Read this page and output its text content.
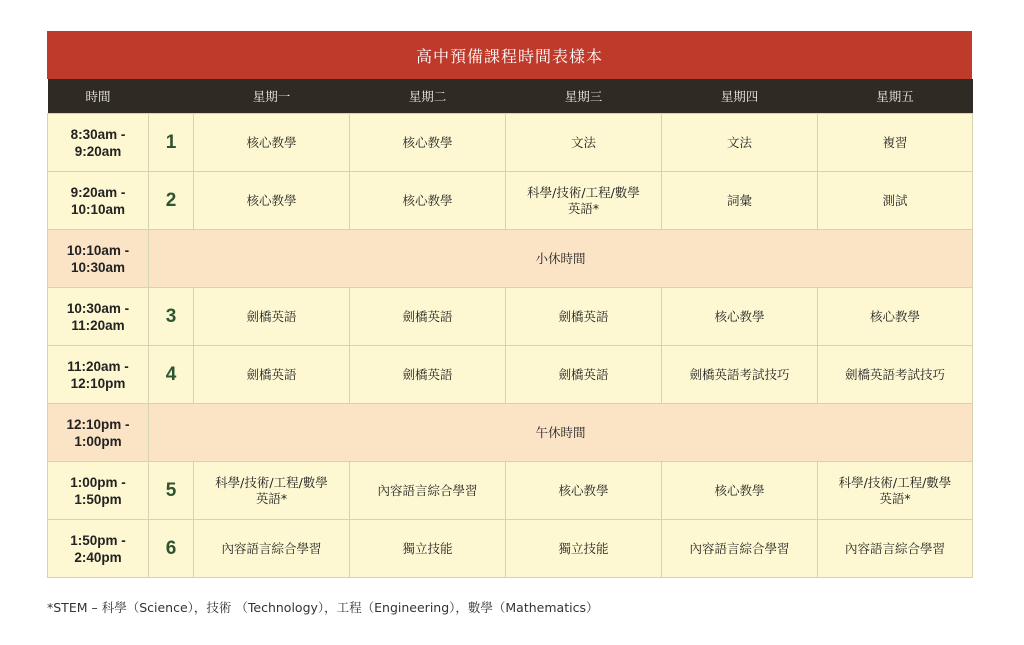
高中預備課程時間表樣本
時間		星期一	星期二	星期三	星期四	星期五

8:30am -
9:20am	1	核心教學	核心教學	文法	文法	複習

9:20am -
10:10am	2	核心教學	核心教學	科學/技術/工程/數學
英語*	詞彙	測試

10:10am -
10:30am	小休時間					

10:30am -
11:20am	3	劍橋英語	劍橋英語	劍橋英語	核心教學	核心教學

11:20am -
12:10pm	4	劍橋英語	劍橋英語	劍橋英語	劍橋英語考試技巧	劍橋英語考試技巧

12:10pm -
1:00pm	午休時間					

1:00pm -
1:50pm	5	科學/技術/工程/數學
英語*	內容語言綜合學習	核心教學	核心教學	科學/技術/工程/數學
英語*

1:50pm -
2:40pm	6	內容語言綜合學習	獨立技能	獨立技能	內容語言綜合學習	內容語言綜合學習
*STEM – 科學（Science），技術 （Technology），工程（Engineering），數學（Mathematics）
